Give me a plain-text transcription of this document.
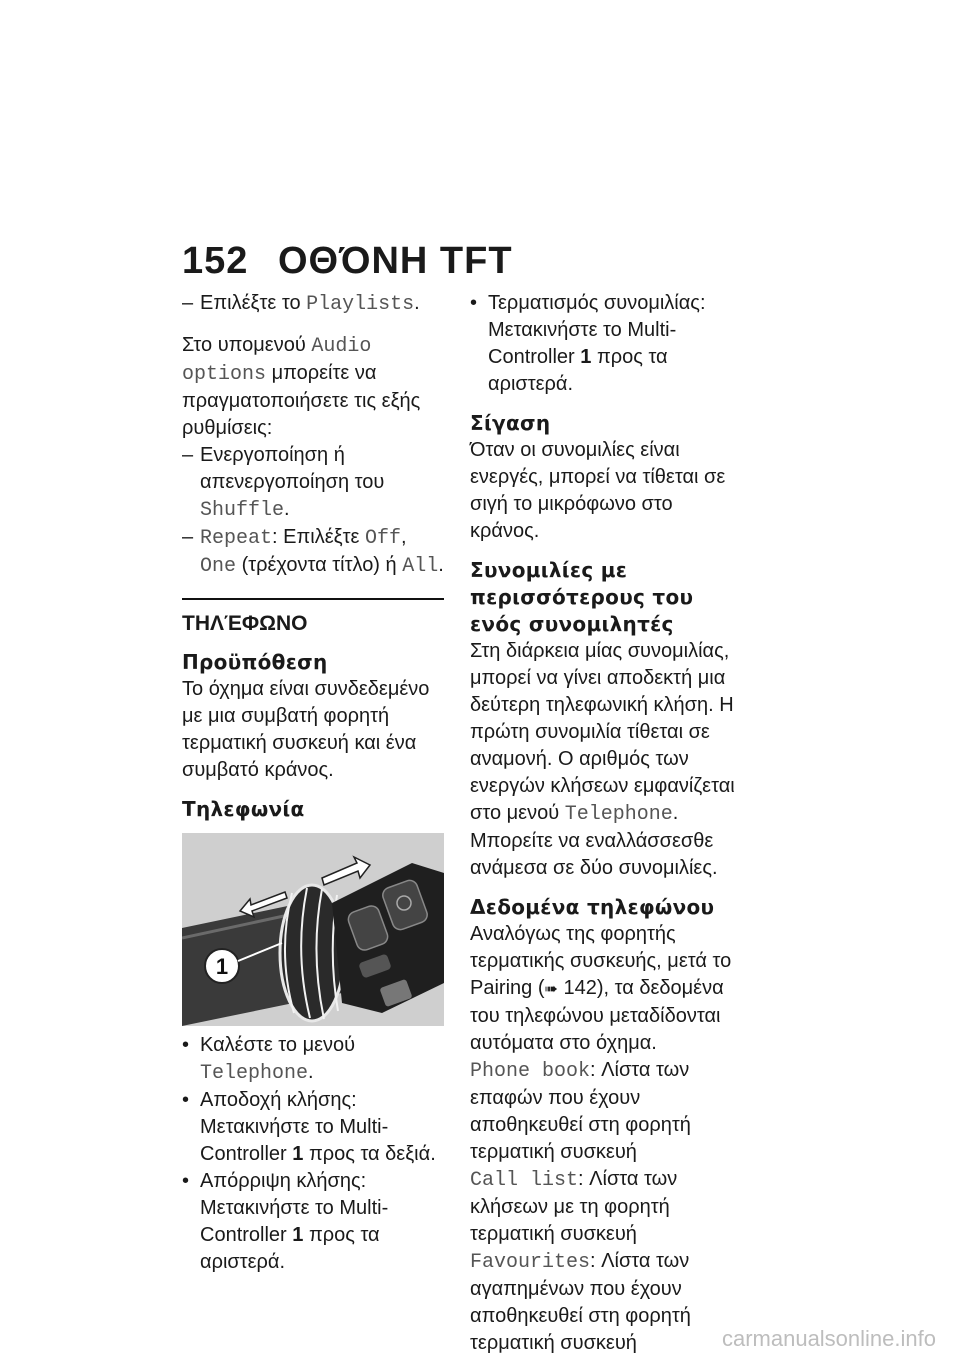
152 ΟΘΌΝΗ TFT

– Επιλέξτε το Playlists.

Στο υπομενού Audio options μπορείτε να πραγματοποιήσετε τις εξής ρυθμίσεις:

– Ενεργοποίηση ή απενεργοποίηση του Shuffle.

– Repeat: Επιλέξτε Off, One (τρέχοντα τίτλο) ή All.

ΤΗΛΈΦΩΝΟ

Προϋπόθεση

Το όχημα είναι συνδεδεμένο με μια συμβατή φορητή τερματική συσκευή και ένα συμβατό κράνος.

Τηλεφωνία

1

• Καλέστε το μενού Telephone.

• Αποδοχή κλήσης: Μετακινήστε το Multi-Controller 1 προς τα δεξιά.

• Απόρριψη κλήσης: Μετακινήστε το Multi-Controller 1 προς τα αριστερά.

• Τερματισμός συνομιλίας: Μετακινήστε το Multi-Controller 1 προς τα αριστερά.

Σίγαση

Όταν οι συνομιλίες είναι ενεργές, μπορεί να τίθεται σε σιγή το μικρόφωνο στο κράνος.

Συνομιλίες με περισσότερους του ενός συνομιλητές

Στη διάρκεια μίας συνομιλίας, μπορεί να γίνει αποδεκτή μια δεύτερη τηλεφωνική κλήση. Η πρώτη συνομιλία τίθεται σε αναμονή. Ο αριθμός των ενεργών κλήσεων εμφανίζεται στο μενού Telephone. Μπορείτε να εναλλάσσεσθε ανάμεσα σε δύο συνομιλίες.

Δεδομένα τηλεφώνου

Αναλόγως της φορητής τερματικής συσκευής, μετά το Pairing (➠ 142), τα δεδομένα του τηλεφώνου μεταδίδονται αυτόματα στο όχημα.

Phone book: Λίστα των επαφών που έχουν αποθηκευθεί στη φορητή τερματική συσκευή

Call list: Λίστα των κλήσεων με τη φορητή τερματική συσκευή

Favourites: Λίστα των αγαπημένων που έχουν αποθηκευθεί στη φορητή τερματική συσκευή	carmanualsonline.info
